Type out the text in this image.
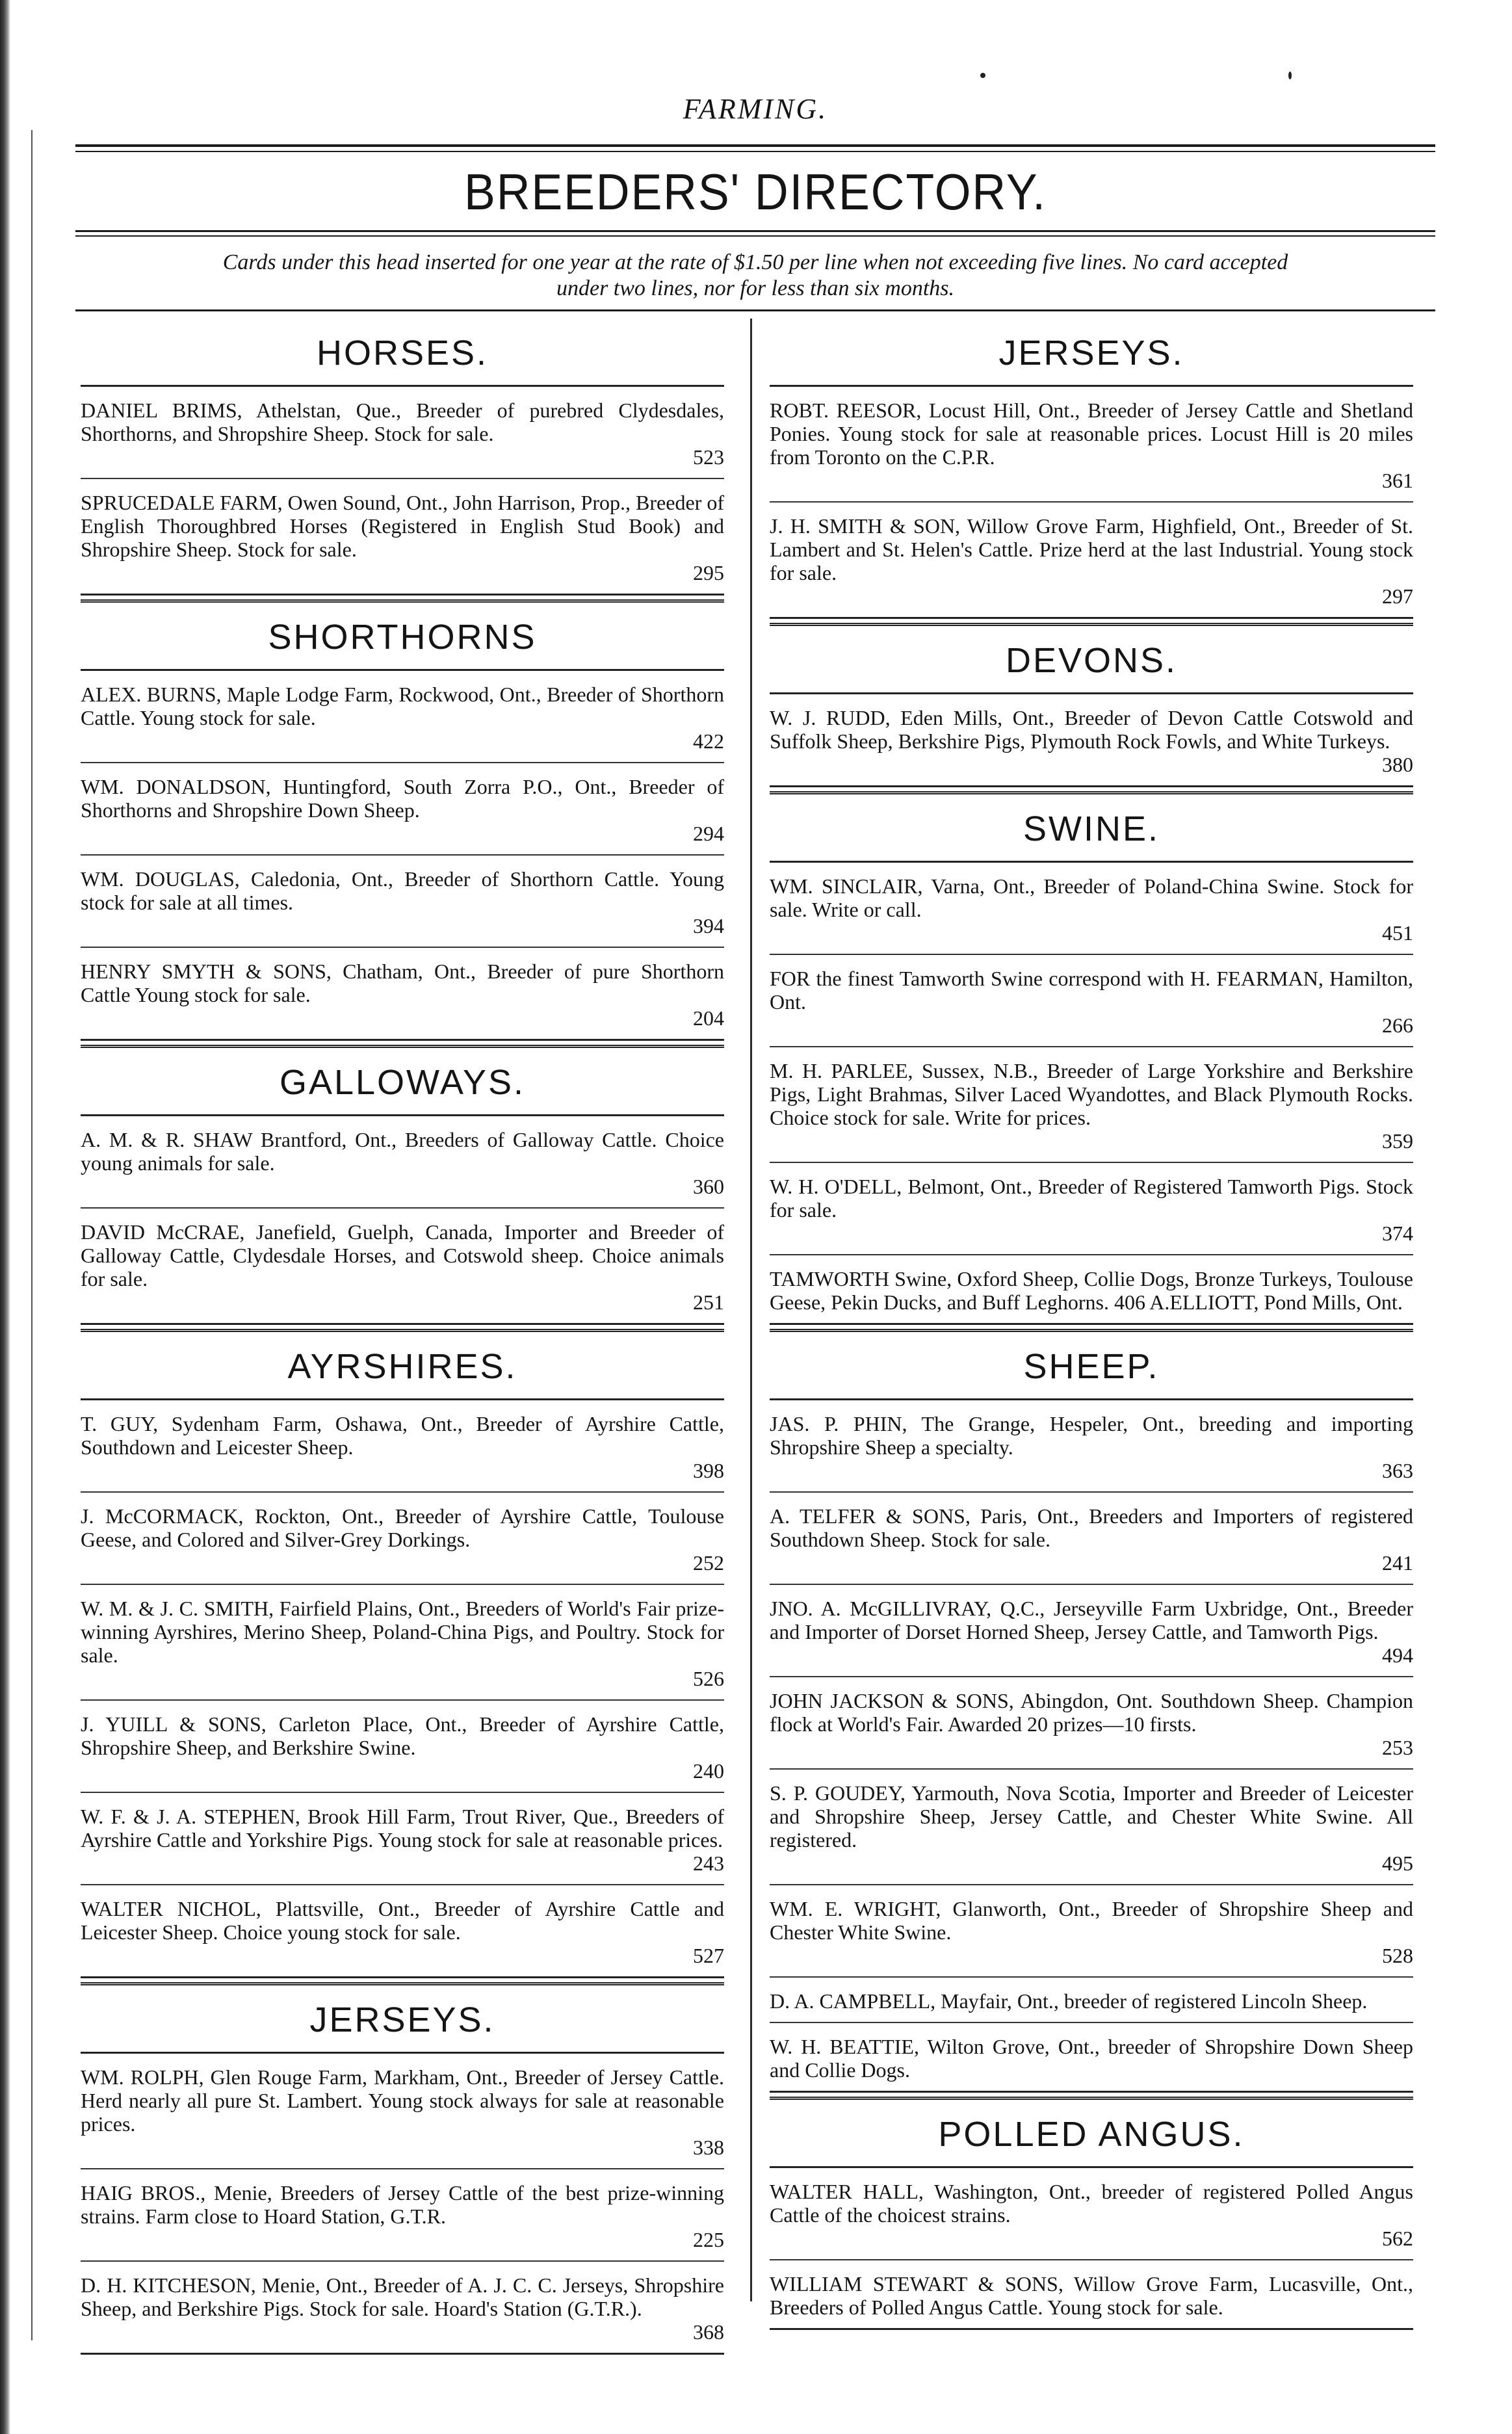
FARMING.
BREEDERS' DIRECTORY.
Cards under this head inserted for one year at the rate of $1.50 per line when not exceeding five lines. No card accepted
under two lines, nor for less than six months.
HORSES.
DANIEL BRIMS, Athelstan, Que., Breeder of purebred Clydesdales, Shorthorns, and Shropshire Sheep. Stock for sale.
523
SPRUCEDALE FARM, Owen Sound, Ont., John Harrison, Prop., Breeder of English Thoroughbred Horses (Registered in English Stud Book) and Shropshire Sheep. Stock for sale.
295
SHORTHORNS
ALEX. BURNS, Maple Lodge Farm, Rockwood, Ont., Breeder of Shorthorn Cattle. Young stock for sale.
422
WM. DONALDSON, Huntingford, South Zorra P.O., Ont., Breeder of Shorthorns and Shropshire Down Sheep.
294
WM. DOUGLAS, Caledonia, Ont., Breeder of Shorthorn Cattle. Young stock for sale at all times.
394
HENRY SMYTH & SONS, Chatham, Ont., Breeder of pure Shorthorn Cattle Young stock for sale.
204
GALLOWAYS.
A. M. & R. SHAW Brantford, Ont., Breeders of Galloway Cattle. Choice young animals for sale.
360
DAVID McCRAE, Janefield, Guelph, Canada, Importer and Breeder of Galloway Cattle, Clydesdale Horses, and Cotswold sheep. Choice animals for sale.
251
AYRSHIRES.
T. GUY, Sydenham Farm, Oshawa, Ont., Breeder of Ayrshire Cattle, Southdown and Leicester Sheep.
398
J. McCORMACK, Rockton, Ont., Breeder of Ayrshire Cattle, Toulouse Geese, and Colored and Silver-Grey Dorkings.
252
W. M. & J. C. SMITH, Fairfield Plains, Ont., Breeders of World's Fair prize-winning Ayrshires, Merino Sheep, Poland-China Pigs, and Poultry. Stock for sale.
526
J. YUILL & SONS, Carleton Place, Ont., Breeder of Ayrshire Cattle, Shropshire Sheep, and Berkshire Swine.
240
W. F. & J. A. STEPHEN, Brook Hill Farm, Trout River, Que., Breeders of Ayrshire Cattle and Yorkshire Pigs. Young stock for sale at reasonable prices.
243
WALTER NICHOL, Plattsville, Ont., Breeder of Ayrshire Cattle and Leicester Sheep. Choice young stock for sale.
527
JERSEYS.
WM. ROLPH, Glen Rouge Farm, Markham, Ont., Breeder of Jersey Cattle. Herd nearly all pure St. Lambert. Young stock always for sale at reasonable prices.
338
HAIG BROS., Menie, Breeders of Jersey Cattle of the best prize-winning strains. Farm close to Hoard Station, G.T.R.
225
D. H. KITCHESON, Menie, Ont., Breeder of A. J. C. C. Jerseys, Shropshire Sheep, and Berkshire Pigs. Stock for sale. Hoard's Station (G.T.R.).
368
JERSEYS.
ROBT. REESOR, Locust Hill, Ont., Breeder of Jersey Cattle and Shetland Ponies. Young stock for sale at reasonable prices. Locust Hill is 20 miles from Toronto on the C.P.R.
361
J. H. SMITH & SON, Willow Grove Farm, Highfield, Ont., Breeder of St. Lambert and St. Helen's Cattle. Prize herd at the last Industrial. Young stock for sale.
297
DEVONS.
W. J. RUDD, Eden Mills, Ont., Breeder of Devon Cattle Cotswold and Suffolk Sheep, Berkshire Pigs, Plymouth Rock Fowls, and White Turkeys.
380
SWINE.
WM. SINCLAIR, Varna, Ont., Breeder of Poland-China Swine. Stock for sale. Write or call.
451
FOR the finest Tamworth Swine correspond with H. FEARMAN, Hamilton, Ont.
266
M. H. PARLEE, Sussex, N.B., Breeder of Large Yorkshire and Berkshire Pigs, Light Brahmas, Silver Laced Wyandottes, and Black Plymouth Rocks. Choice stock for sale. Write for prices.
359
W. H. O'DELL, Belmont, Ont., Breeder of Registered Tamworth Pigs. Stock for sale.
374
TAMWORTH Swine, Oxford Sheep, Collie Dogs, Bronze Turkeys, Toulouse Geese, Pekin Ducks, and Buff Leghorns. 406 A.ELLIOTT, Pond Mills, Ont.
SHEEP.
JAS. P. PHIN, The Grange, Hespeler, Ont., breeding and importing Shropshire Sheep a specialty.
363
A. TELFER & SONS, Paris, Ont., Breeders and Importers of registered Southdown Sheep. Stock for sale.
241
JNO. A. McGILLIVRAY, Q.C., Jerseyville Farm Uxbridge, Ont., Breeder and Importer of Dorset Horned Sheep, Jersey Cattle, and Tamworth Pigs.
494
JOHN JACKSON & SONS, Abingdon, Ont. Southdown Sheep. Champion flock at World's Fair. Awarded 20 prizes—10 firsts.
253
S. P. GOUDEY, Yarmouth, Nova Scotia, Importer and Breeder of Leicester and Shropshire Sheep, Jersey Cattle, and Chester White Swine. All registered.
495
WM. E. WRIGHT, Glanworth, Ont., Breeder of Shropshire Sheep and Chester White Swine.
528
D. A. CAMPBELL, Mayfair, Ont., breeder of registered Lincoln Sheep.
W. H. BEATTIE, Wilton Grove, Ont., breeder of Shropshire Down Sheep and Collie Dogs.
POLLED ANGUS.
WALTER HALL, Washington, Ont., breeder of registered Polled Angus Cattle of the choicest strains.
562
WILLIAM STEWART & SONS, Willow Grove Farm, Lucasville, Ont., Breeders of Polled Angus Cattle. Young stock for sale.
